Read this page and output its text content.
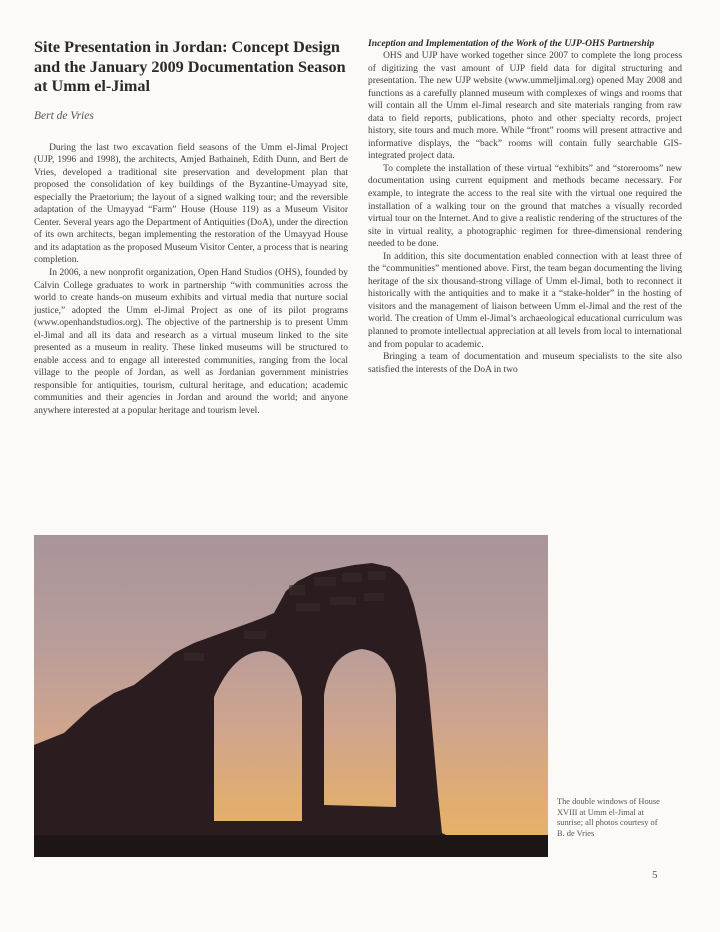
Site Presentation in Jordan: Concept Design and the January 2009 Documentation Season at Umm el-Jimal
Bert de Vries

During the last two excavation field seasons of the Umm el-Jimal Project (UJP, 1996 and 1998), the architects, Amjed Bathaineh, Edith Dunn, and Bert de Vries, developed a traditional site preservation and development plan that proposed the consolidation of key buildings of the Byzantine-Umayyad site, especially the Praetorium; the layout of a signed walking tour; and the reversible adaptation of the Umayyad “Farm” House (House 119) as a Museum Visitor Center. Several years ago the Department of Antiquities (DoA), under the direction of its own architects, began implementing the restoration of the Umayyad House and its adaptation as the proposed Museum Visitor Center, a process that is nearing completion.

In 2006, a new nonprofit organization, Open Hand Studios (OHS), founded by Calvin College graduates to work in partnership “with communities across the world to create hands-on museum exhibits and virtual media that nurture social justice,” adopted the Umm el-Jimal Project as one of its pilot programs (www.openhandstudios.org). The objective of the partnership is to present Umm el-Jimal and all its data and research as a virtual museum linked to the site presented as a museum in reality. These linked museums will be structured to enable access and to engage all interested communities, ranging from the local village to the people of Jordan, as well as Jordanian government ministries responsible for antiquities, tourism, cultural heritage, and education; academic communities and their agencies in Jordan and around the world; and anyone anywhere interested at a popular heritage and tourism level.

Inception and Implementation of the Work of the UJP-OHS Partnership

OHS and UJP have worked together since 2007 to complete the long process of digitizing the vast amount of UJP field data for digital structuring and presentation. The new UJP website (www.ummeljimal.org) opened May 2008 and functions as a carefully planned museum with complexes of wings and rooms that will contain all the Umm el-Jimal research and site materials ranging from raw data to field reports, publications, photo and other specialty records, project history, site tours and much more. While “front” rooms will present attractive and informative displays, the “back” rooms will contain fully searchable GIS-integrated project data.

To complete the installation of these virtual “exhibits” and “storerooms” new documentation using current equipment and methods became necessary. For example, to integrate the access to the real site with the virtual one required the installation of a walking tour on the ground that matches a visually recorded virtual tour on the Internet. And to give a realistic rendering of the structures of the site in virtual reality, a photographic regimen for three-dimensional rendering needed to be done.

In addition, this site documentation enabled connection with at least three of the “communities” mentioned above. First, the team began documenting the living heritage of the six thousand-strong village of Umm el-Jimal, both to reconnect it historically with the antiquities and to make it a “stake-holder” in the hosting of visitors and the management of liaison between Umm el-Jimal and the rest of the world. The creation of Umm el-Jimal’s archaeological educational curriculum was planned to promote intellectual appreciation at all levels from local to international and from popular to academic.

Bringing a team of documentation and museum specialists to the site also satisfied the interests of the DoA in two

The double windows of House XVIII at Umm el-Jimal at sunrise; all photos courtesy of B. de Vries
5
